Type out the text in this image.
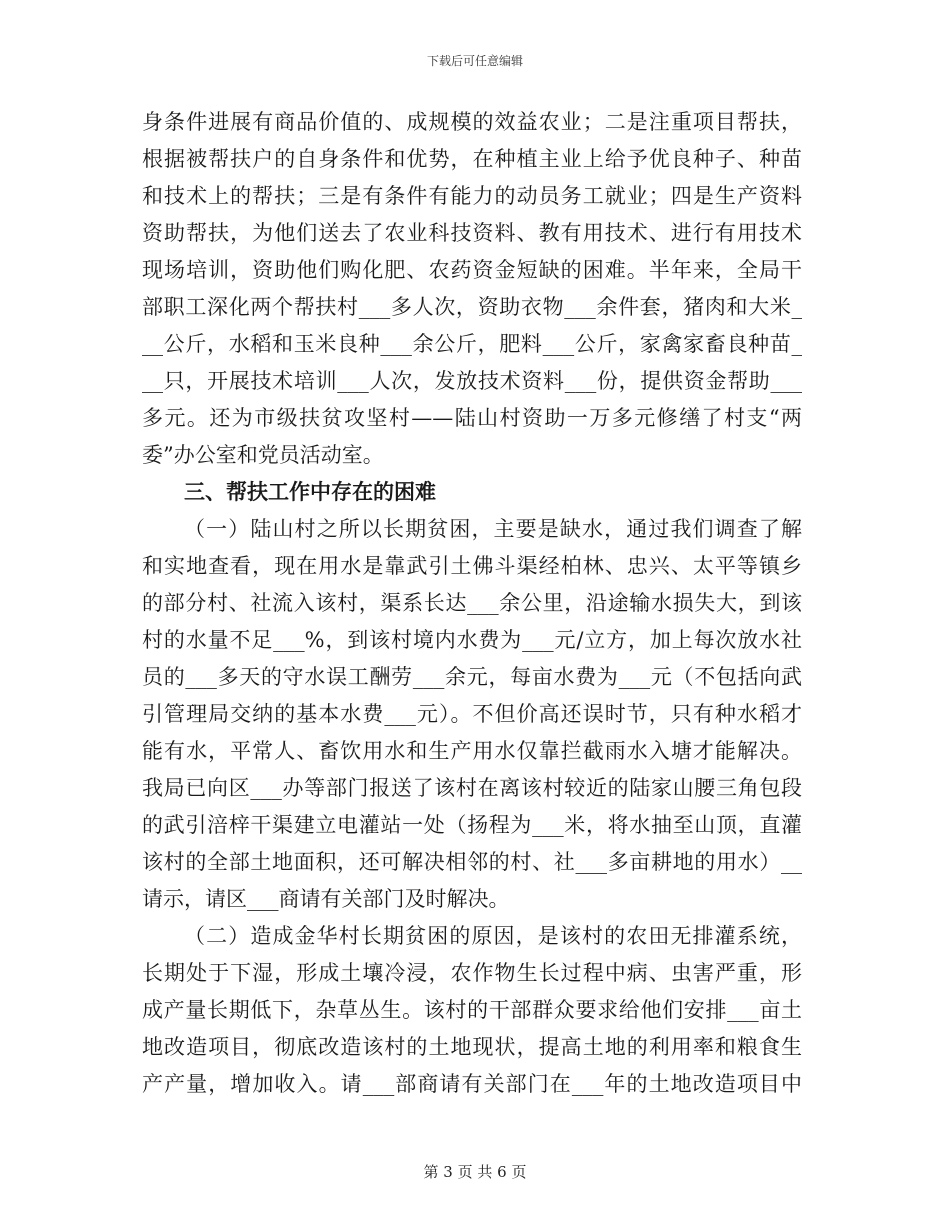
下载后可任意编辑
身条件进展有商品价值的、成规模的效益农业；二是注重项目帮扶，
根据被帮扶户的自身条件和优势，在种植主业上给予优良种子、种苗
和技术上的帮扶；三是有条件有能力的动员务工就业；四是生产资料
资助帮扶，为他们送去了农业科技资料、教有用技术、进行有用技术
现场培训，资助他们购化肥、农药资金短缺的困难。半年来，全局干
部职工深化两个帮扶村___多人次，资助衣物___余件套，猪肉和大米_
__公斤，水稻和玉米良种___余公斤，肥料___公斤，家禽家畜良种苗_
__只，开展技术培训___人次，发放技术资料___份，提供资金帮助___
多元。还为市级扶贫攻坚村——陆山村资助一万多元修缮了村支“两
委”办公室和党员活动室。
三、帮扶工作中存在的困难
（一）陆山村之所以长期贫困，主要是缺水，通过我们调查了解
和实地查看，现在用水是靠武引土佛斗渠经柏林、忠兴、太平等镇乡
的部分村、社流入该村，渠系长达___余公里，沿途输水损失大，到该
村的水量不足___%，到该村境内水费为___元/立方，加上每次放水社
员的___多天的守水误工酬劳___余元，每亩水费为___元（不包括向武
引管理局交纳的基本水费___元）。不但价高还误时节，只有种水稻才
能有水，平常人、畜饮用水和生产用水仅靠拦截雨水入塘才能解决。
我局已向区___办等部门报送了该村在离该村较近的陆家山腰三角包段
的武引涪梓干渠建立电灌站一处（扬程为___米，将水抽至山顶，直灌
该村的全部土地面积，还可解决相邻的村、社___多亩耕地的用水）__
请示，请区___商请有关部门及时解决。
（二）造成金华村长期贫困的原因，是该村的农田无排灌系统，
长期处于下湿，形成土壤冷浸，农作物生长过程中病、虫害严重，形
成产量长期低下，杂草丛生。该村的干部群众要求给他们安排___亩土
地改造项目，彻底改造该村的土地现状，提高土地的利用率和粮食生
产产量，增加收入。请___部商请有关部门在___年的土地改造项目中
第 3 页 共 6 页
